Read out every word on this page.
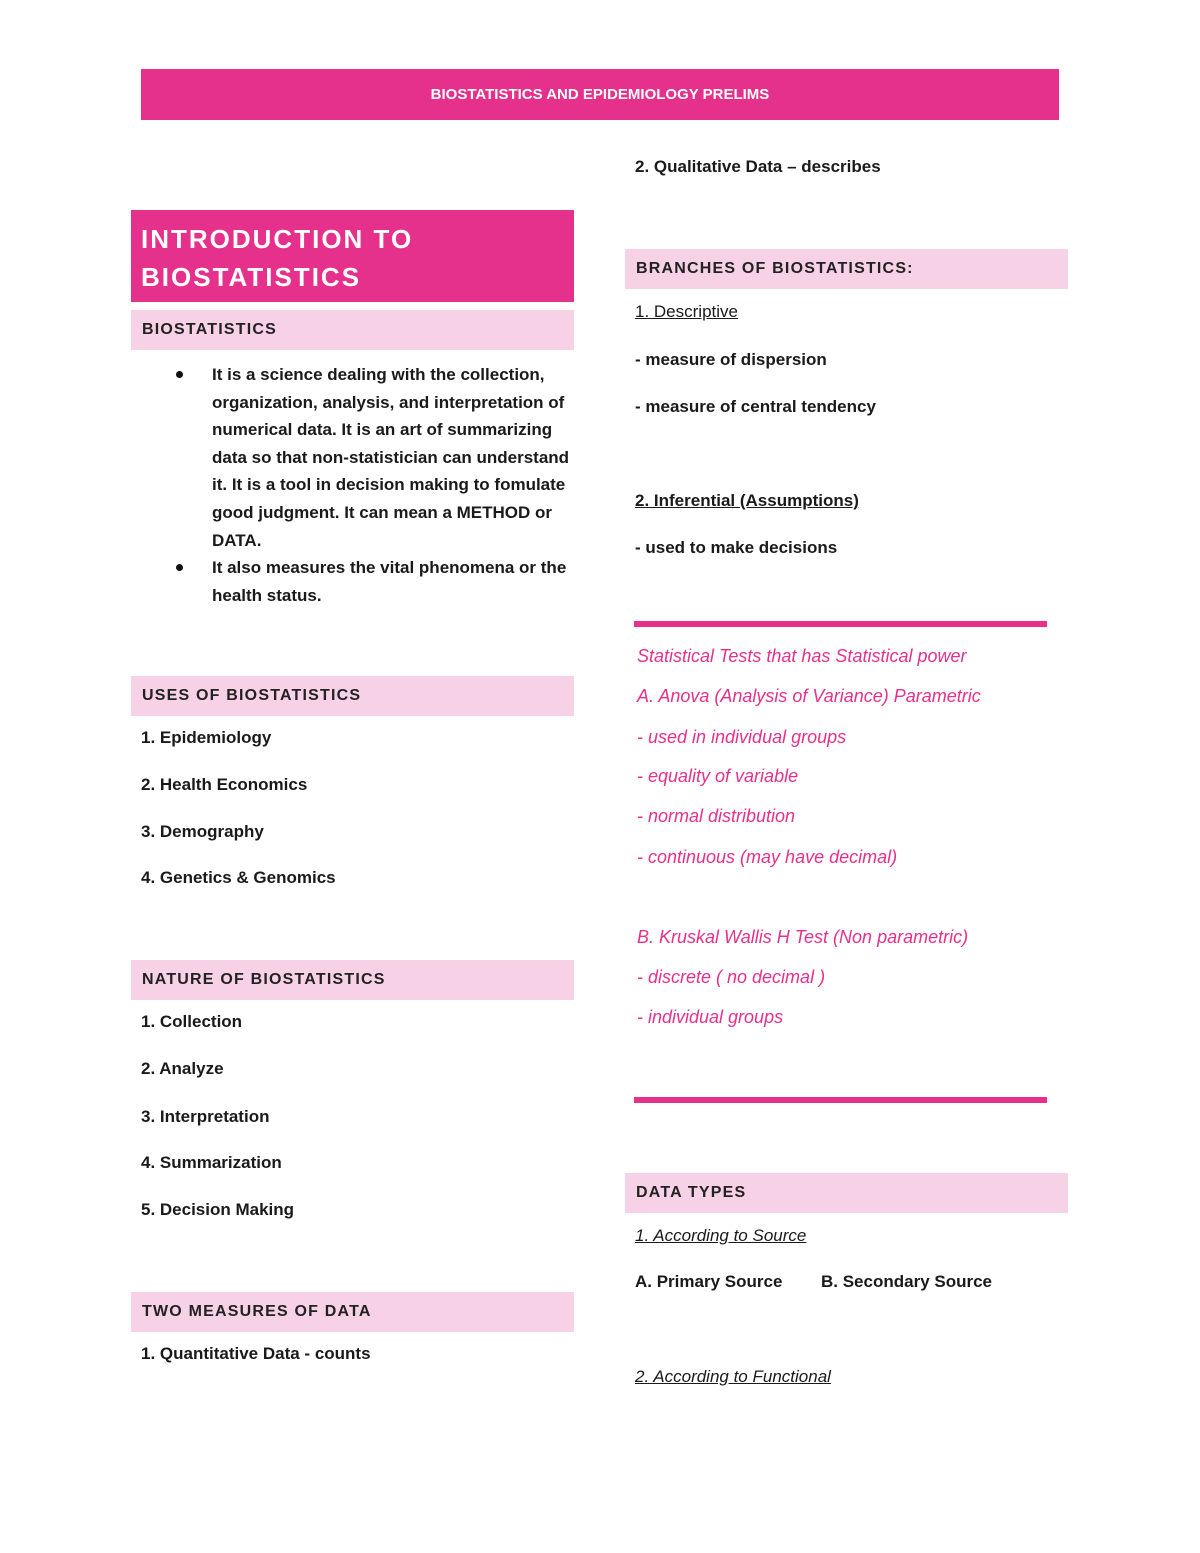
BIOSTATISTICS AND EPIDEMIOLOGY PRELIMS
INTRODUCTION TO
BIOSTATISTICS
BIOSTATISTICS
It is a science dealing with the collection, organization, analysis, and interpretation of numerical data. It is an art of summarizing data so that non-statistician can understand it. It is a tool in decision making to fomulate good judgment. It can mean a METHOD or DATA.
It also measures the vital phenomena or the health status.
USES OF BIOSTATISTICS
1. Epidemiology
2. Health Economics
3. Demography
4. Genetics & Genomics
NATURE OF BIOSTATISTICS
1. Collection
2. Analyze
3. Interpretation
4. Summarization
5. Decision Making
TWO MEASURES OF DATA
1. Quantitative Data - counts
2. Qualitative Data – describes
BRANCHES OF BIOSTATISTICS:
1. Descriptive
- measure of dispersion
- measure of central tendency
2. Inferential (Assumptions)
- used to make decisions
Statistical Tests that has Statistical power
A. Anova (Analysis of Variance) Parametric
- used in individual groups
- equality of variable
- normal distribution
- continuous (may have decimal)
B. Kruskal Wallis H Test (Non parametric)
- discrete ( no decimal )
- individual groups
DATA TYPES
1. According to Source
A. Primary Source B. Secondary Source
2. According to Functional
